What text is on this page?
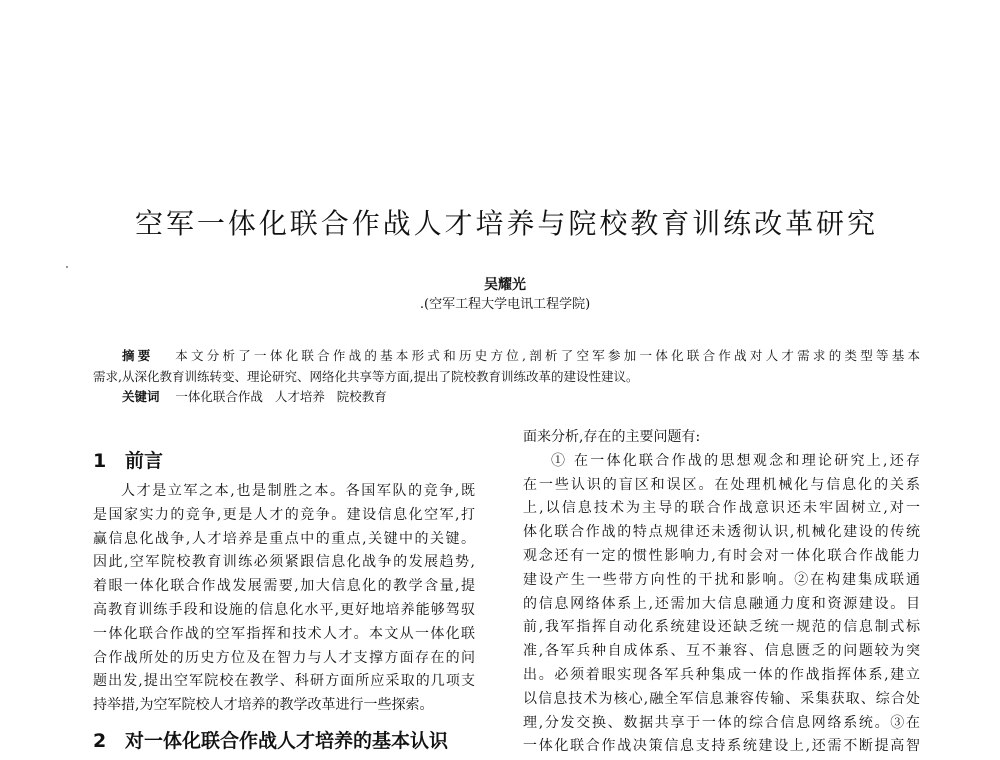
空军一体化联合作战人才培养与院校教育训练改革研究
吴耀光
.(空军工程大学电讯工程学院)
摘要 本文分析了一体化联合作战的基本形式和历史方位,剖析了空军参加一体化联合作战对人才需求的类型等基本
需求,从深化教育训练转变、理论研究、网络化共享等方面,提出了院校教育训练改革的建设性建议。
关键词 一体化联合作战 人才培养 院校教育
1 前言
人才是立军之本,也是制胜之本。各国军队的竞争,既
是国家实力的竞争,更是人才的竞争。建设信息化空军,打
赢信息化战争,人才培养是重点中的重点,关键中的关键。
因此,空军院校教育训练必须紧跟信息化战争的发展趋势,
着眼一体化联合作战发展需要,加大信息化的教学含量,提
高教育训练手段和设施的信息化水平,更好地培养能够驾驭
一体化联合作战的空军指挥和技术人才。本文从一体化联
合作战所处的历史方位及在智力与人才支撑方面存在的问
题出发,提出空军院校在教学、科研方面所应采取的几项支
持举措,为空军院校人才培养的教学改革进行一些探索。
2 对一体化联合作战人才培养的基本认识
面来分析,存在的主要问题有:
① 在一体化联合作战的思想观念和理论研究上,还存
在一些认识的盲区和误区。在处理机械化与信息化的关系
上,以信息技术为主导的联合作战意识还未牢固树立,对一
体化联合作战的特点规律还未透彻认识,机械化建设的传统
观念还有一定的惯性影响力,有时会对一体化联合作战能力
建设产生一些带方向性的干扰和影响。②在构建集成联通
的信息网络体系上,还需加大信息融通力度和资源建设。目
前,我军指挥自动化系统建设还缺乏统一规范的信息制式标
准,各军兵种自成体系、互不兼容、信息匮乏的问题较为突
出。必须着眼实现各军兵种集成一体的作战指挥体系,建立
以信息技术为核心,融全军信息兼容传输、采集获取、综合处
理,分发交换、数据共享于一体的综合信息网络系统。③在
一体化联合作战决策信息支持系统建设上,还需不断提高智
